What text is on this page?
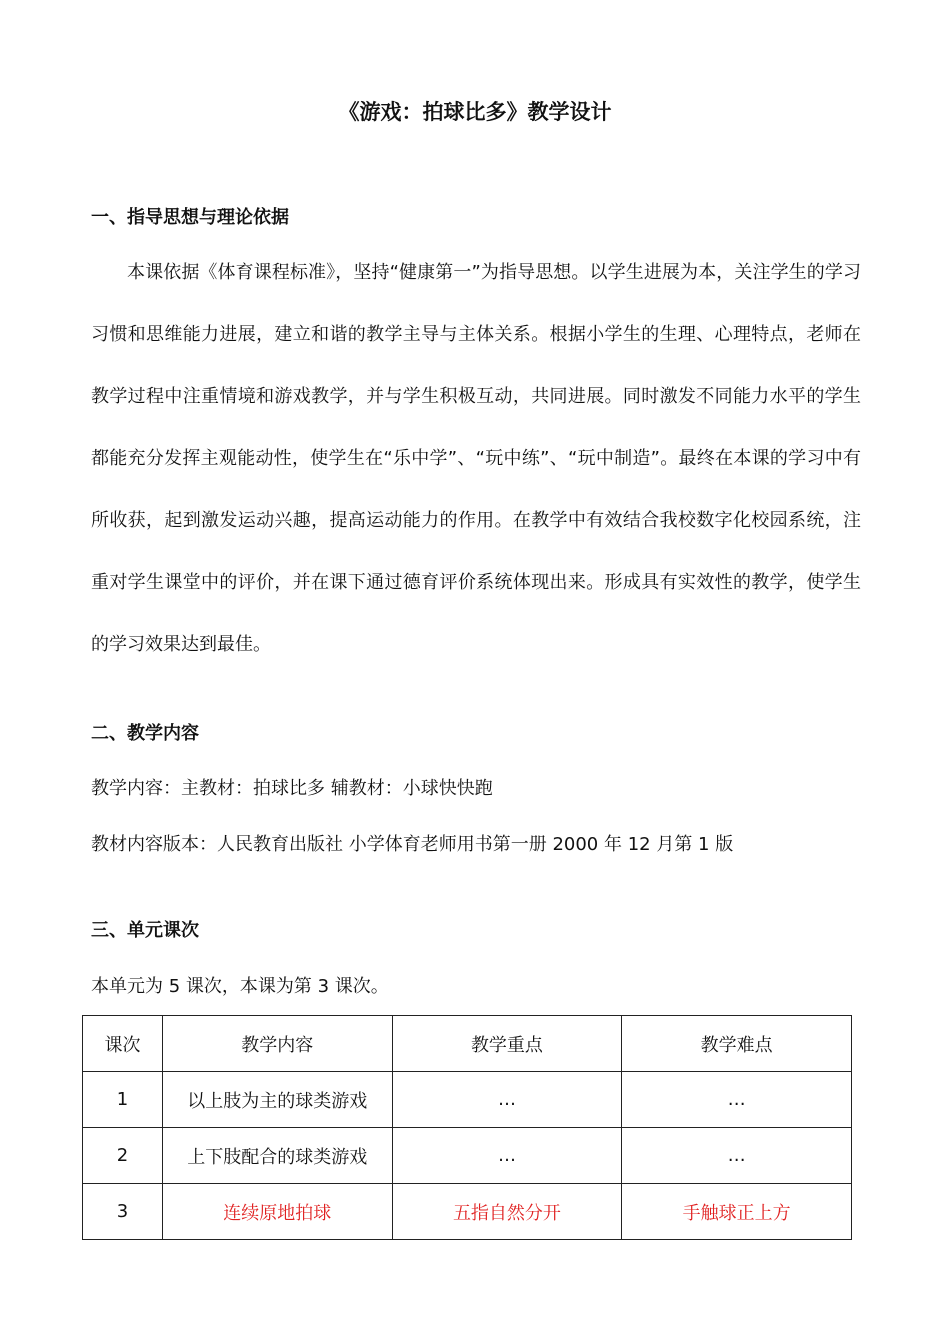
《游戏：拍球比多》教学设计
一、指导思想与理论依据

本课依据《体育课程标准》，坚持“健康第一”为指导思想。以学生进展为本，关注学生的学习习惯和思维能力进展，建立和谐的教学主导与主体关系。根据小学生的生理、心理特点，老师在教学过程中注重情境和游戏教学，并与学生积极互动，共同进展。同时激发不同能力水平的学生都能充分发挥主观能动性，使学生在“乐中学”、“玩中练”、“玩中制造”。最终在本课的学习中有所收获，起到激发运动兴趣，提高运动能力的作用。在教学中有效结合我校数字化校园系统，注重对学生课堂中的评价，并在课下通过德育评价系统体现出来。形成具有实效性的教学，使学生的学习效果达到最佳。

二、教学内容

教学内容：主教材：拍球比多 辅教材：小球快快跑

教材内容版本：人民教育出版社 小学体育老师用书第一册 2000 年 12 月第 1 版

三、单元课次

本单元为 5 课次，本课为第 3 课次。

课次	教学内容	教学重点	教学难点
1	以上肢为主的球类游戏	…	…
2	上下肢配合的球类游戏	…	…
3	连续原地拍球	五指自然分开	手触球正上方
